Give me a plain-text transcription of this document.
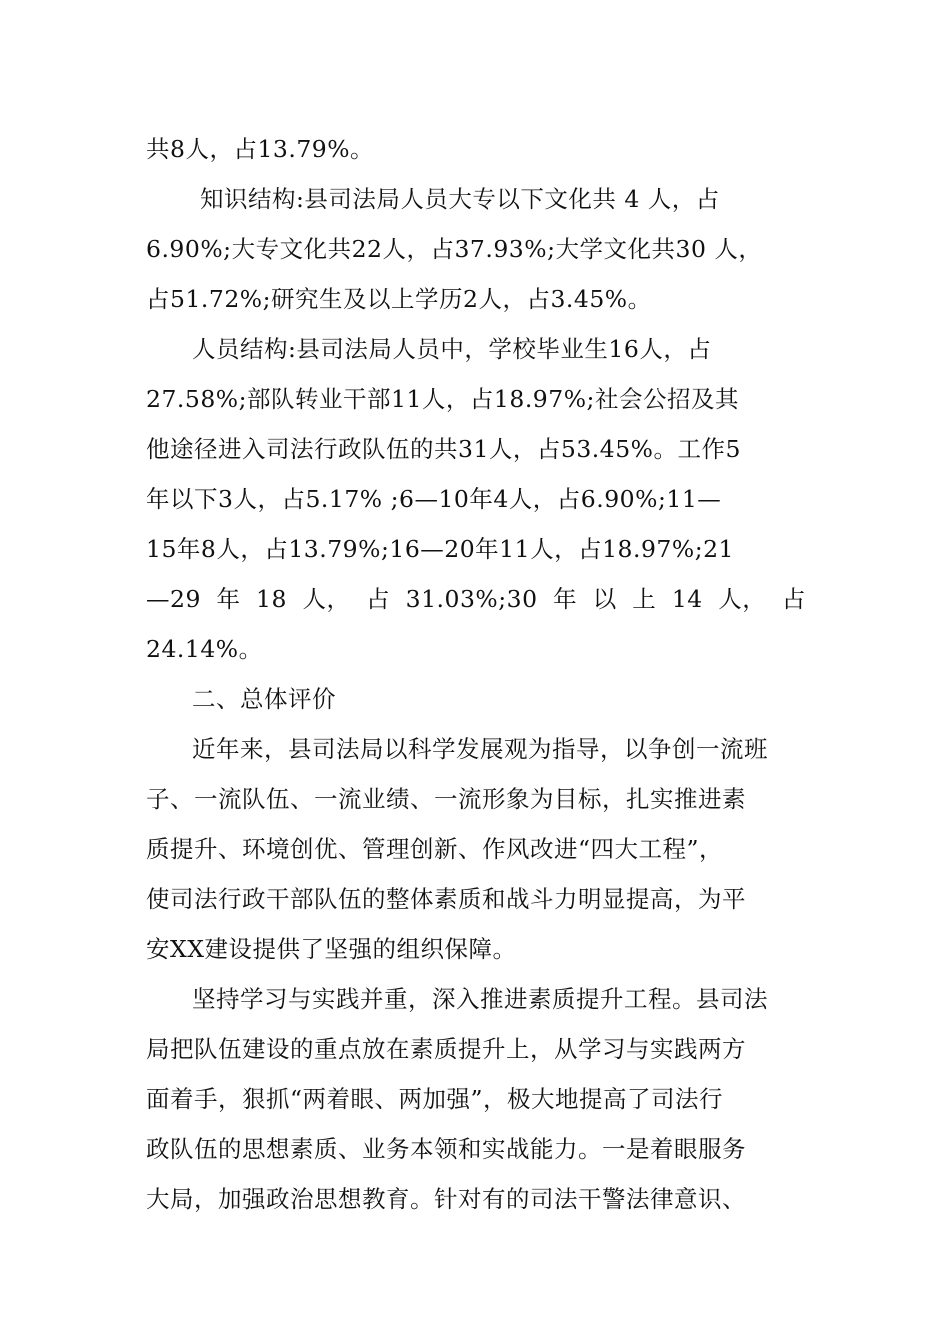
共8人，占13.79%。
知识结构:县司法局人员大专以下文化共 4 人，占
6.90%;大专文化共22人，占37.93%;大学文化共30 人，
占51.72%;研究生及以上学历2人，占3.45%。
人员结构:县司法局人员中，学校毕业生16人，占
27.58%;部队转业干部11人，占18.97%;社会公招及其
他途径进入司法行政队伍的共31人，占53.45%。工作5
年以下3人，占5.17% ;6—10年4人，占6.90%;11—
15年8人，占13.79%;16—20年11人，占18.97%;21
—29 年 18 人， 占 31.03%;30 年 以 上 14 人， 占
24.14%。
二、总体评价
近年来，县司法局以科学发展观为指导，以争创一流班
子、一流队伍、一流业绩、一流形象为目标，扎实推进素
质提升、环境创优、管理创新、作风改进“四大工程”，
使司法行政干部队伍的整体素质和战斗力明显提高，为平
安XX建设提供了坚强的组织保障。
坚持学习与实践并重，深入推进素质提升工程。县司法
局把队伍建设的重点放在素质提升上，从学习与实践两方
面着手，狠抓“两着眼、两加强”，极大地提高了司法行
政队伍的思想素质、业务本领和实战能力。一是着眼服务
大局，加强政治思想教育。针对有的司法干警法律意识、
